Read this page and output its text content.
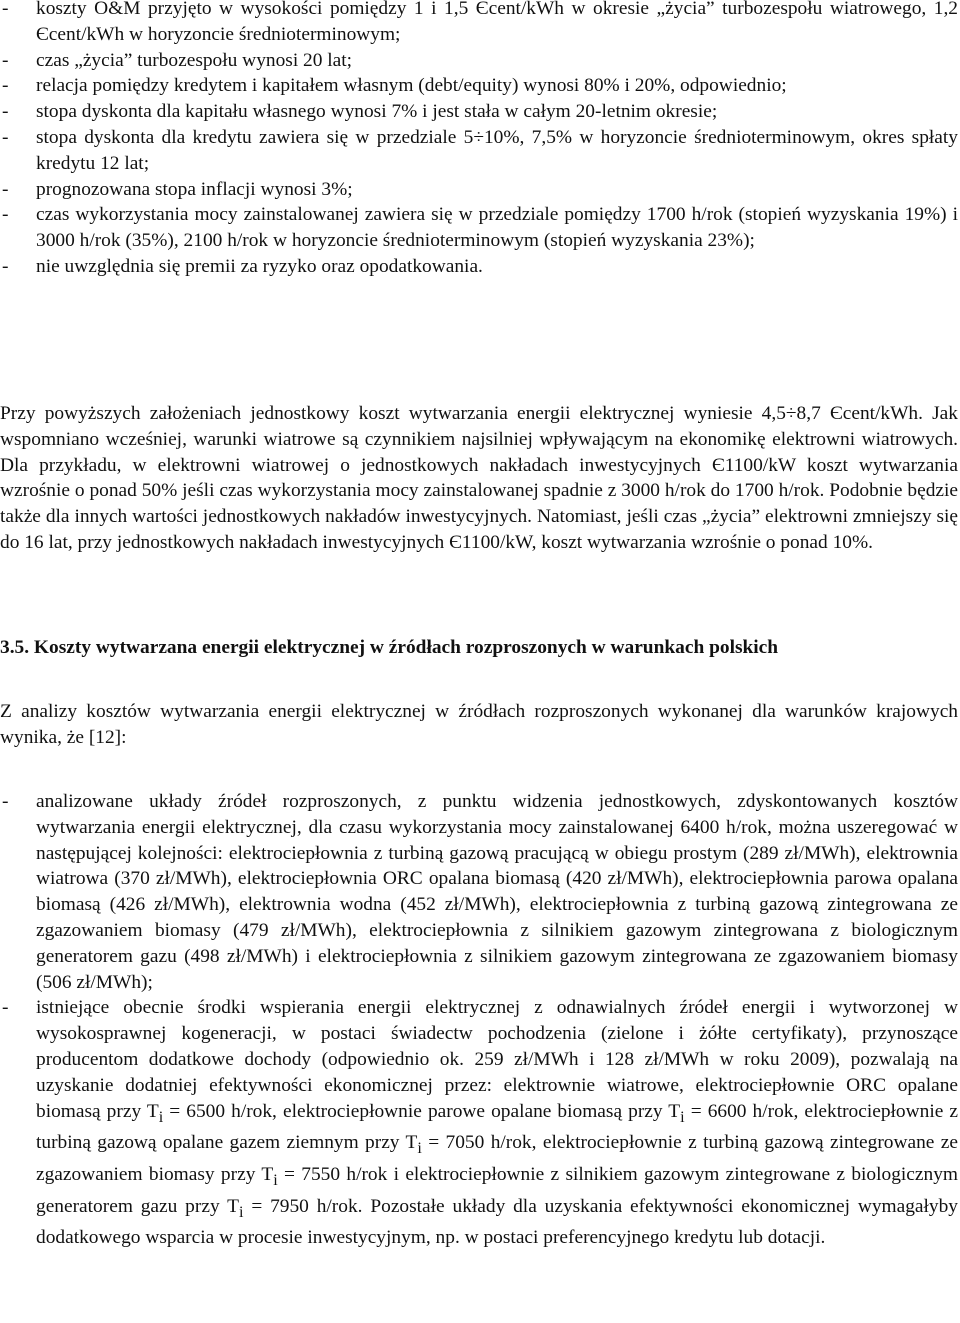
- koszty O&M przyjęto w wysokości pomiędzy 1 i 1,5 Єcent/kWh w okresie „życia” turbozespołu wiatrowego, 1,2 Єcent/kWh w horyzoncie średnioterminowym;
- czas „życia” turbozespołu wynosi 20 lat;
- relacja pomiędzy kredytem i kapitałem własnym (debt/equity) wynosi 80% i 20%, odpowiednio;
- stopa dyskonta dla kapitału własnego wynosi 7% i jest stała w całym 20-letnim okresie;
- stopa dyskonta dla kredytu zawiera się w przedziale 5÷10%, 7,5% w horyzoncie średnioterminowym, okres spłaty kredytu 12 lat;
- prognozowana stopa inflacji wynosi 3%;
- czas wykorzystania mocy zainstalowanej zawiera się w przedziale pomiędzy 1700 h/rok (stopień wyzyskania 19%) i 3000 h/rok (35%), 2100 h/rok w horyzoncie średnioterminowym (stopień wyzyskania 23%);
- nie uwzględnia się premii za ryzyko oraz opodatkowania.

Przy powyższych założeniach jednostkowy koszt wytwarzania energii elektrycznej wyniesie 4,5÷8,7 Єcent/kWh. Jak wspomniano wcześniej, warunki wiatrowe są czynnikiem najsilniej wpływającym na ekonomikę elektrowni wiatrowych. Dla przykładu, w elektrowni wiatrowej o jednostkowych nakładach inwestycyjnych Є1100/kW koszt wytwarzania wzrośnie o ponad 50% jeśli czas wykorzystania mocy zainstalowanej spadnie z 3000 h/rok do 1700 h/rok. Podobnie będzie także dla innych wartości jednostkowych nakładów inwestycyjnych. Natomiast, jeśli czas „życia” elektrowni zmniejszy się do 16 lat, przy jednostkowych nakładach inwestycyjnych Є1100/kW, koszt wytwarzania wzrośnie o ponad 10%.

3.5. Koszty wytwarzana energii elektrycznej w źródłach rozproszonych w warunkach polskich

Z analizy kosztów wytwarzania energii elektrycznej w źródłach rozproszonych wykonanej dla warunków krajowych wynika, że [12]:

- analizowane układy źródeł rozproszonych, z punktu widzenia jednostkowych, zdyskontowanych kosztów wytwarzania energii elektrycznej, dla czasu wykorzystania mocy zainstalowanej 6400 h/rok, można uszeregować w następującej kolejności: elektrociepłownia z turbiną gazową pracującą w obiegu prostym (289 zł/MWh), elektrownia wiatrowa (370 zł/MWh), elektrociepłownia ORC opalana biomasą (420 zł/MWh), elektrociepłownia parowa opalana biomasą (426 zł/MWh), elektrownia wodna (452 zł/MWh), elektrociepłownia z turbiną gazową zintegrowana ze zgazowaniem biomasy (479 zł/MWh), elektrociepłownia z silnikiem gazowym zintegrowana z biologicznym generatorem gazu (498 zł/MWh) i elektrociepłownia z silnikiem gazowym zintegrowana ze zgazowaniem biomasy (506 zł/MWh);
- istniejące obecnie środki wspierania energii elektrycznej z odnawialnych źródeł energii i wytworzonej w wysokosprawnej kogeneracji, w postaci świadectw pochodzenia (zielone i żółte certyfikaty), przynoszące producentom dodatkowe dochody (odpowiednio ok. 259 zł/MWh i 128 zł/MWh w roku 2009), pozwalają na uzyskanie dodatniej efektywności ekonomicznej przez: elektrownie wiatrowe, elektrociepłownie ORC opalane biomasą przy $T_i = 6500$ h/rok, elektrociepłownie parowe opalane biomasą przy $T_i = 6600$ h/rok, elektrociepłownie z turbiną gazową opalane gazem ziemnym przy $T_i = 7050$ h/rok, elektrociepłownie z turbiną gazową zintegrowane ze zgazowaniem biomasy przy $T_i = 7550$ h/rok i elektrociepłownie z silnikiem gazowym zintegrowane z biologicznym generatorem gazu przy $T_i = 7950$ h/rok. Pozostałe układy dla uzyskania efektywności ekonomicznej wymagałyby dodatkowego wsparcia w procesie inwestycyjnym, np. w postaci preferencyjnego kredytu lub dotacji.
